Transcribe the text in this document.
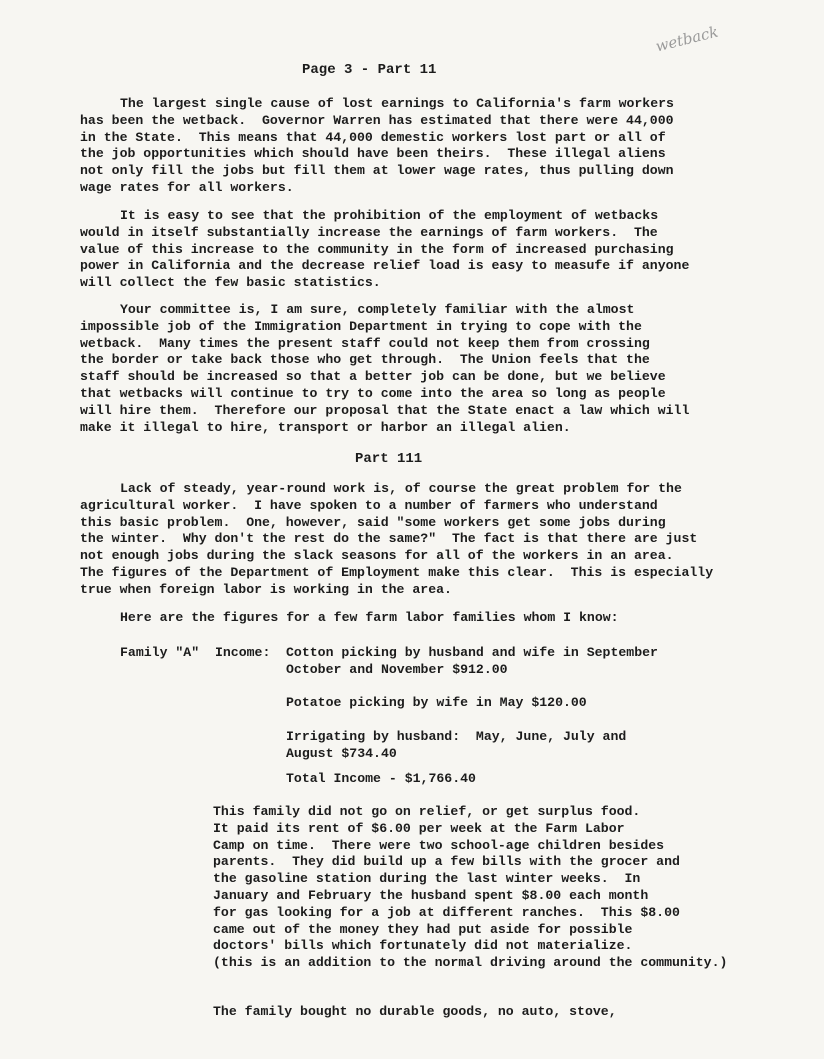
wetback
Page 3 - Part 11
The largest single cause of lost earnings to California's farm workers
has been the wetback.  Governor Warren has estimated that there were 44,000
in the State.  This means that 44,000 demestic workers lost part or all of
the job opportunities which should have been theirs.  These illegal aliens
not only fill the jobs but fill them at lower wage rates, thus pulling down
wage rates for all workers.
It is easy to see that the prohibition of the employment of wetbacks
would in itself substantially increase the earnings of farm workers.  The
value of this increase to the community in the form of increased purchasing
power in California and the decrease relief load is easy to measufe if anyone
will collect the few basic statistics.
Your committee is, I am sure, completely familiar with the almost
impossible job of the Immigration Department in trying to cope with the
wetback.  Many times the present staff could not keep them from crossing
the border or take back those who get through.  The Union feels that the
staff should be increased so that a better job can be done, but we believe
that wetbacks will continue to try to come into the area so long as people
will hire them.  Therefore our proposal that the State enact a law which will
make it illegal to hire, transport or harbor an illegal alien.
Part 111
Lack of steady, year-round work is, of course the great problem for the
agricultural worker.  I have spoken to a number of farmers who understand
this basic problem.  One, however, said "some workers get some jobs during
the winter.  Why don't the rest do the same?"  The fact is that there are just
not enough jobs during the slack seasons for all of the workers in an area.
The figures of the Department of Employment make this clear.  This is especially
true when foreign labor is working in the area.
Here are the figures for a few farm labor families whom I know:
Family "A"  Income: Cotton picking by husband and wife in September
October and November $912.00
Potatoe picking by wife in May $120.00
Irrigating by husband:  May, June, July and
August $734.40
Total Income - $1,766.40
This family did not go on relief, or get surplus food.
It paid its rent of $6.00 per week at the Farm Labor
Camp on time.  There were two school-age children besides
parents.  They did build up a few bills with the grocer and
the gasoline station during the last winter weeks.  In
January and February the husband spent $8.00 each month
for gas looking for a job at different ranches.  This $8.00
came out of the money they had put aside for possible
doctors' bills which fortunately did not materialize.
(this is an addition to the normal driving around the community.)
The family bought no durable goods, no auto, stove,
